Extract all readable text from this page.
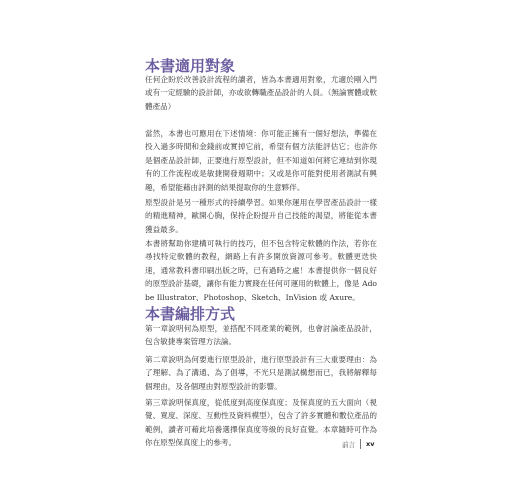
本書適用對象

任何企盼於改善設計流程的讀者，皆為本書適用對象，尤適於剛入門或有一定經驗的設計師，亦或欲轉職產品設計的人員。（無論實體或軟體產品）

當然，本書也可應用在下述情境：你可能正擁有一個好想法，準備在投入過多時間和金錢前或實掉它前，希望有個方法能評估它；也許你是個產品設計師，正要進行原型設計，但不知道如何將它連結到你現有的工作流程或是敏捷開發週期中；又或是你可能對使用者測試有興趣，希望能藉由評測的結果提取你的生意夥伴。

原型設計是另一種形式的持續學習。如果你運用在學習產品設計一樣的精進精神，歐開心胸，保持企盼提升自己技能的渴望，將能從本書獲益最多。

本書將幫助你建構可執行的技巧，但不包含特定軟體的作法，若你在尋找特定軟體的教程，網路上有許多開放資源可參考。軟體更迭快速，通常教科書印刷出版之時，已有過時之處！本書提供你一個良好的原型設計基礎，讓你有能力實踐在任何可運用的軟體上，像是 Adobe Illustrator、Photoshop、Sketch、InVision 或 Axure。

本書編排方式

第一章說明何為原型，並搭配不同產業的範例，也會討論產品設計，包含敏捷專案管理方法論。

第二章說明為何要進行原型設計，進行原型設計有三大重要理由：為了理解、為了溝通、為了倡導，不光只是測試構想而已，我將解釋每個理由，及各個理由對原型設計的影響。

第三章說明保真度，從低度到高度保真度；及保真度的五大面向（視覺、寬度、深度、互動性及資料模型），包含了許多實體和數位產品的範例，讀者可藉此培養選擇保真度等級的良好直覺。本章隨時可作為你在原型保真度上的參考。	前言 xv
